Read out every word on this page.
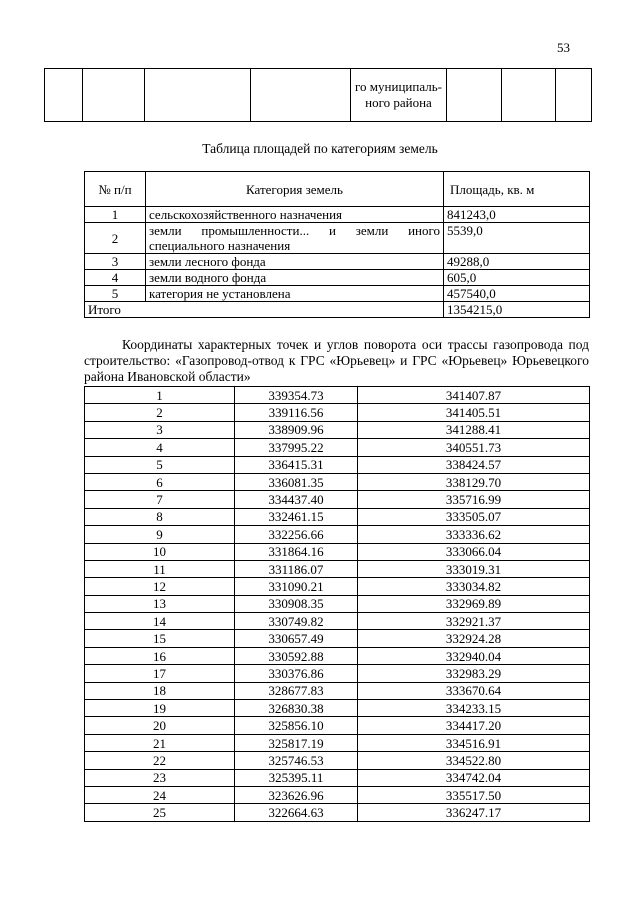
53
				го муниципаль-ного района			
Таблица площадей по категориям земель
№ п/п	Категория земель	Площадь, кв. м
1	сельскохозяйственного назначения	841243,0
2	земли промышленности... и земли иного специального назначения	5539,0
3	земли лесного фонда	49288,0
4	земли водного фонда	605,0
5	категория не установлена	457540,0
Итого		1354215,0
Координаты характерных точек и углов поворота оси трассы газопровода под строительство: «Газопровод-отвод к ГРС «Юрьевец» и ГРС «Юрьевец» Юрьевецкого района Ивановской области»
1	339354.73	341407.87
2	339116.56	341405.51
3	338909.96	341288.41
4	337995.22	340551.73
5	336415.31	338424.57
6	336081.35	338129.70
7	334437.40	335716.99
8	332461.15	333505.07
9	332256.66	333336.62
10	331864.16	333066.04
11	331186.07	333019.31
12	331090.21	333034.82
13	330908.35	332969.89
14	330749.82	332921.37
15	330657.49	332924.28
16	330592.88	332940.04
17	330376.86	332983.29
18	328677.83	333670.64
19	326830.38	334233.15
20	325856.10	334417.20
21	325817.19	334516.91
22	325746.53	334522.80
23	325395.11	334742.04
24	323626.96	335517.50
25	322664.63	336247.17
